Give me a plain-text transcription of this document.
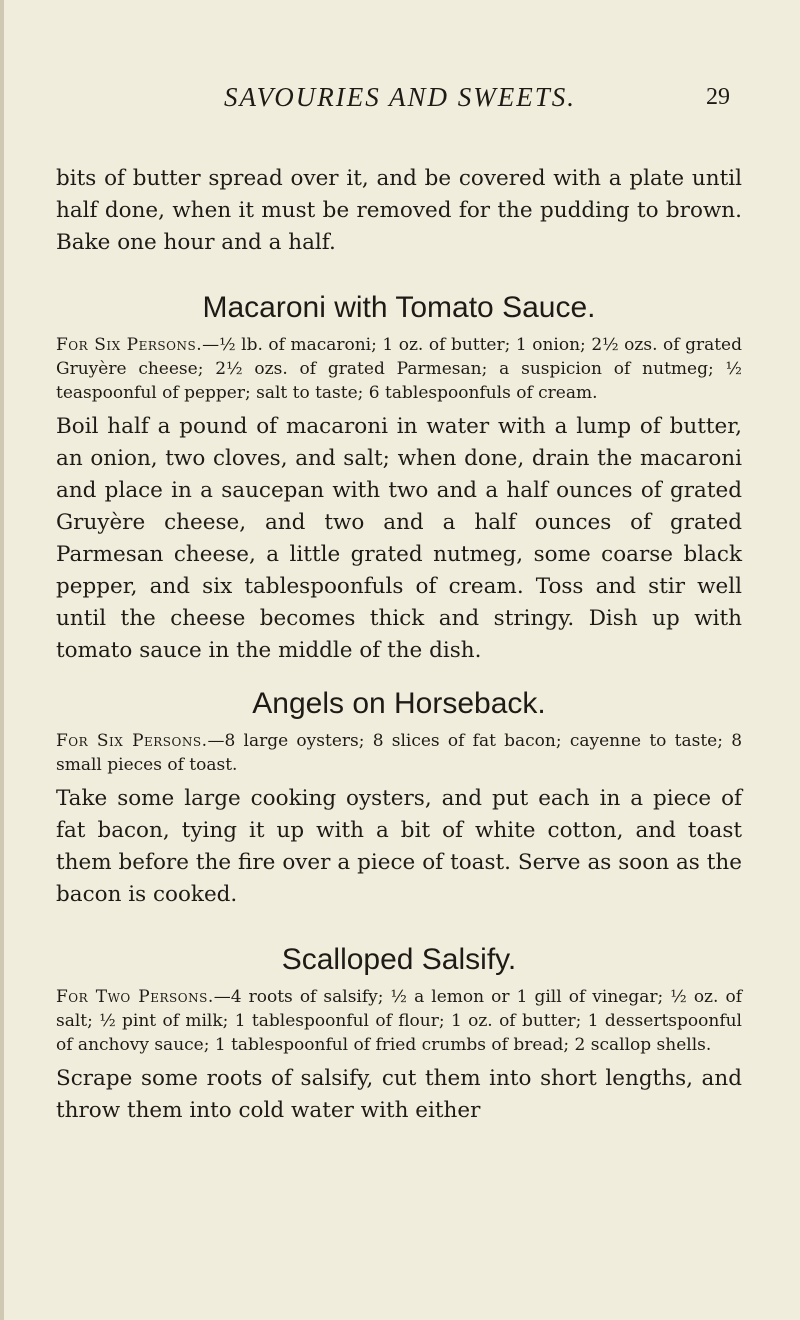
SAVOURIES AND SWEETS.	29

bits of butter spread over it, and be covered with a plate until half done, when it must be removed for the pudding to brown. Bake one hour and a half.

Macaroni with Tomato Sauce.

For Six Persons.—½ lb. of macaroni; 1 oz. of butter; 1 onion; 2½ ozs. of grated Gruyère cheese; 2½ ozs. of grated Parmesan; a suspicion of nutmeg; ½ teaspoonful of pepper; salt to taste; 6 tablespoonfuls of cream.

Boil half a pound of macaroni in water with a lump of butter, an onion, two cloves, and salt; when done, drain the macaroni and place in a saucepan with two and a half ounces of grated Gruyère cheese, and two and a half ounces of grated Parmesan cheese, a little grated nutmeg, some coarse black pepper, and six tablespoonfuls of cream. Toss and stir well until the cheese becomes thick and stringy. Dish up with tomato sauce in the middle of the dish.

Angels on Horseback.

For Six Persons.—8 large oysters; 8 slices of fat bacon; cayenne to taste; 8 small pieces of toast.

Take some large cooking oysters, and put each in a piece of fat bacon, tying it up with a bit of white cotton, and toast them before the fire over a piece of toast. Serve as soon as the bacon is cooked.

Scalloped Salsify.

For Two Persons.—4 roots of salsify; ½ a lemon or 1 gill of vinegar; ½ oz. of salt; ½ pint of milk; 1 tablespoonful of flour; 1 oz. of butter; 1 dessertspoonful of anchovy sauce; 1 tablespoonful of fried crumbs of bread; 2 scallop shells.

Scrape some roots of salsify, cut them into short lengths, and throw them into cold water with either
